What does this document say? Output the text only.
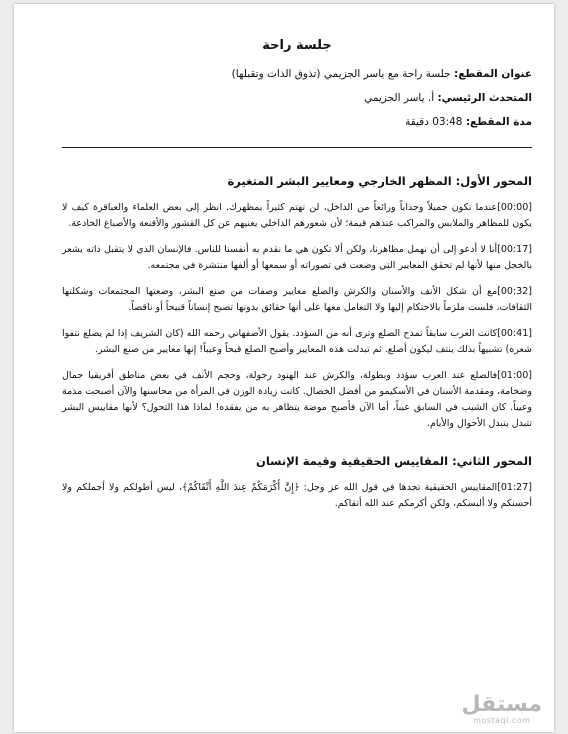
جلسة راحة
عنوان المقطع: جلسة راحة مع ياسر الجزيمي (تذوق الذات وتقبلها)
المتحدث الرئيسي: أ. ياسر الجزيمي
مدة المقطع: 03:48 دقيقة
المحور الأول: المظهر الخارجي ومعايير البشر المتغيرة

[00:00]عندما تكون جميلاً وجذاباً ورائعاً من الداخل، لن تهتم كثيراً بمظهرك. انظر إلى بعض العلماء والعباقرة كيف لا يكون للمظاهر والملابس والمراكب عندهم قيمة؛ لأن شعورهم الداخلي يغنيهم عن كل القشور والأقنعة والأصباغ الخادعة.

[00:17]أنا لا أدعو إلى أن نهمل مظاهرنا، ولكن ألا تكون هي ما نقدم به أنفسنا للناس. فالإنسان الذي لا يتقبل ذاته يشعر بالخجل منها لأنها لم تحقق المعايير التي وضعت في تصوراته أو سمعها أو ألفها منتشرة في مجتمعه.

[00:32]مع أن شكل الأنف والأسنان والكرش والصلع معايير وصفات من صنع البشر، وضعتها المجتمعات وشكلتها الثقافات، فلست ملزماً بالاحتكام إليها ولا التعامل معها على أنها حقائق بدونها تصبح إنساناً قبيحاً أو ناقصاً.

[00:41]كانت العرب سابقاً تمدح الصلع وترى أنه من السؤدد. يقول الأصفهاني رحمه الله (كان الشريف إذا لم يصلع نتفوا شعره) تشبيهاً بذلك ينتف ليكون أصلع. ثم تبدلت هذه المعايير وأصبح الصلع قبحاً وعيباً! إنها معايير من صنع البشر.

[01:00]فالصلع عند العرب سؤدد وبطولة، والكرش عند الهنود رجولة، وحجم الأنف في بعض مناطق أفريقيا جمال وضخامة، ومقدمة الأسنان في الأسكيمو من أفضل الخصال. كانت زيادة الوزن في المرأة من محاسنها والآن أصبحت مذمة وعيباً. كان الشيب في السابق عيباً، أما الآن فأصبح موضة يتظاهر به من يفقده! لماذا هذا التحول؟ لأنها مقاييس البشر تتبدل بتبدل الأحوال والأيام.

المحور الثاني: المقاييس الحقيقية وقيمة الإنسان

[01:27]المقاييس الحقيقية تجدها في قول الله عز وجل: ﴿إِنَّ أَكْرَمَكُمْ عِندَ اللَّهِ أَتْقَاكُمْ﴾، ليس أطولكم ولا أجملكم ولا أحسنكم ولا ألبسكم، ولكن أكرمكم عند الله أتقاكم.

مستقل
mostaql.com
